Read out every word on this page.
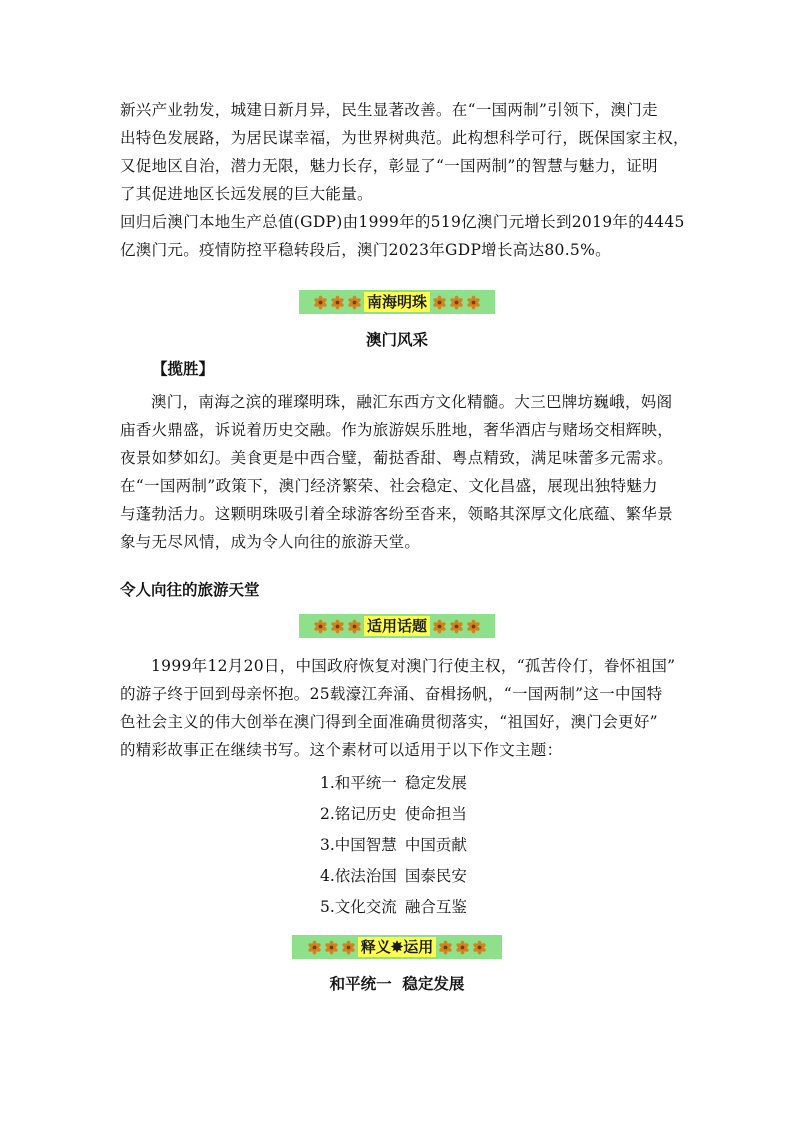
新兴产业勃发，城建日新月异，民生显著改善。在“一国两制”引领下，澳门走
出特色发展路，为居民谋幸福，为世界树典范。此构想科学可行，既保国家主权，
又促地区自治，潜力无限，魅力长存，彰显了“一国两制”的智慧与魅力，证明
了其促进地区长远发展的巨大能量。
回归后澳门本地生产总值(GDP)由1999年的519亿澳门元增长到2019年的4445
亿澳门元。疫情防控平稳转段后，澳门2023年GDP增长高达80.5%。
南海明珠
澳门风采
【揽胜】
澳门，南海之滨的璀璨明珠，融汇东西方文化精髓。大三巴牌坊巍峨，妈阁
庙香火鼎盛，诉说着历史交融。作为旅游娱乐胜地，奢华酒店与赌场交相辉映，
夜景如梦如幻。美食更是中西合璧，葡挞香甜、粤点精致，满足味蕾多元需求。
在“一国两制”政策下，澳门经济繁荣、社会稳定、文化昌盛，展现出独特魅力
与蓬勃活力。这颗明珠吸引着全球游客纷至沓来，领略其深厚文化底蕴、繁华景
象与无尽风情，成为令人向往的旅游天堂。
令人向往的旅游天堂
适用话题
1999年12月20日，中国政府恢复对澳门行使主权，“孤苦伶仃，眷怀祖国”
的游子终于回到母亲怀抱。25载濠江奔涌、奋楫扬帆，“一国两制”这一中国特
色社会主义的伟大创举在澳门得到全面准确贯彻落实，“祖国好，澳门会更好”
的精彩故事正在继续书写。这个素材可以适用于以下作文主题：
1.和平统一 稳定发展
2.铭记历史 使命担当
3.中国智慧 中国贡献
4.依法治国 国泰民安
5.文化交流 融合互鉴
释义✸运用
和平统一  稳定发展
